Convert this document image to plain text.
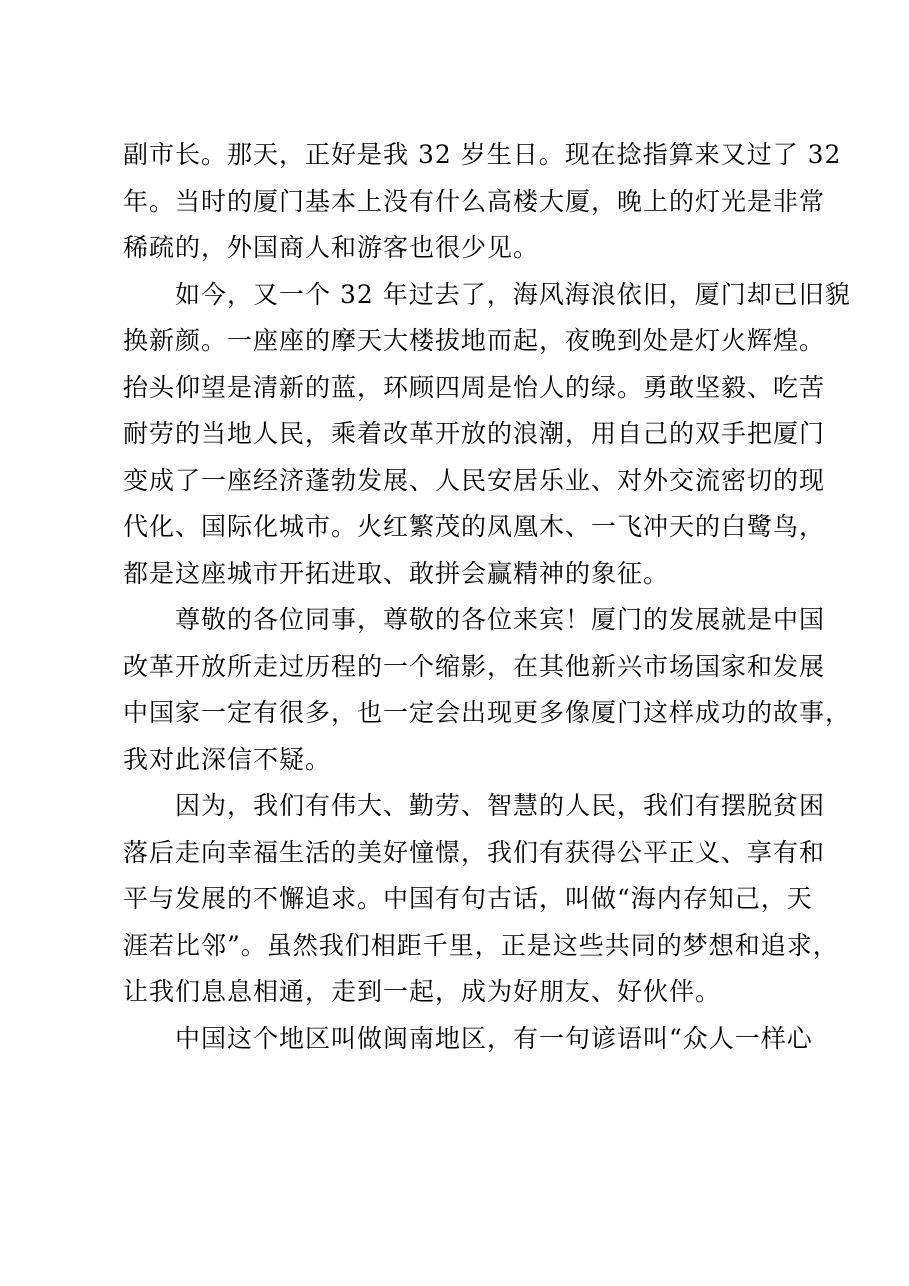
副市长。那天，正好是我 32 岁生日。现在捻指算来又过了 32
年。当时的厦门基本上没有什么高楼大厦，晚上的灯光是非常
稀疏的，外国商人和游客也很少见。
如今，又一个 32 年过去了，海风海浪依旧，厦门却已旧貌
换新颜。一座座的摩天大楼拔地而起，夜晚到处是灯火辉煌。
抬头仰望是清新的蓝，环顾四周是怡人的绿。勇敢坚毅、吃苦
耐劳的当地人民，乘着改革开放的浪潮，用自己的双手把厦门
变成了一座经济蓬勃发展、人民安居乐业、对外交流密切的现
代化、国际化城市。火红繁茂的凤凰木、一飞冲天的白鹭鸟，
都是这座城市开拓进取、敢拼会赢精神的象征。
尊敬的各位同事，尊敬的各位来宾！厦门的发展就是中国
改革开放所走过历程的一个缩影，在其他新兴市场国家和发展
中国家一定有很多，也一定会出现更多像厦门这样成功的故事，
我对此深信不疑。
因为，我们有伟大、勤劳、智慧的人民，我们有摆脱贫困
落后走向幸福生活的美好憧憬，我们有获得公平正义、享有和
平与发展的不懈追求。中国有句古话，叫做“海内存知己，天
涯若比邻”。虽然我们相距千里，正是这些共同的梦想和追求，
让我们息息相通，走到一起，成为好朋友、好伙伴。
中国这个地区叫做闽南地区，有一句谚语叫“众人一样心
